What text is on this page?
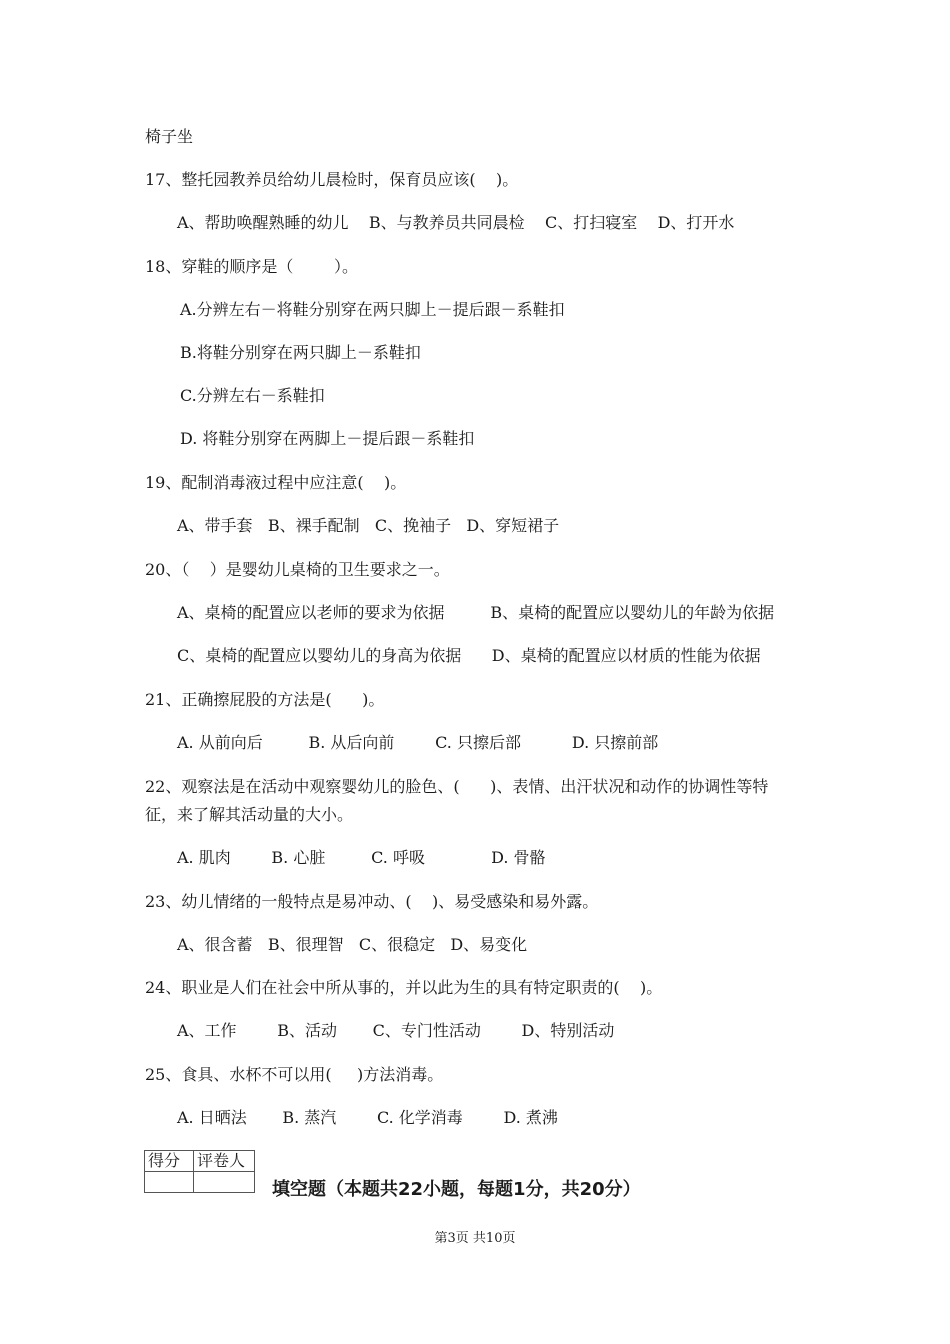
椅子坐
17、整托园教养员给幼儿晨检时，保育员应该(    )。
A、帮助唤醒熟睡的幼儿    B、与教养员共同晨检    C、打扫寝室    D、打开水
18、穿鞋的顺序是（        ）。
A.分辨左右－将鞋分别穿在两只脚上－提后跟－系鞋扣
B.将鞋分别穿在两只脚上－系鞋扣
C.分辨左右－系鞋扣
D. 将鞋分别穿在两脚上－提后跟－系鞋扣
19、配制消毒液过程中应注意(    )。
A、带手套   B、裸手配制   C、挽袖子   D、穿短裙子
20、（    ）是婴幼儿桌椅的卫生要求之一。
A、桌椅的配置应以老师的要求为依据         B、桌椅的配置应以婴幼儿的年龄为依据
C、桌椅的配置应以婴幼儿的身高为依据      D、桌椅的配置应以材质的性能为依据
21、正确擦屁股的方法是(      )。
A. 从前向后         B. 从后向前        C. 只擦后部          D. 只擦前部
22、观察法是在活动中观察婴幼儿的脸色、(      )、表情、出汗状况和动作的协调性等特
征，来了解其活动量的大小。
A. 肌肉        B. 心脏         C. 呼吸             D. 骨骼
23、幼儿情绪的一般特点是易冲动、(    )、易受感染和易外露。
A、很含蓄   B、很理智   C、很稳定   D、易变化
24、职业是人们在社会中所从事的，并以此为生的具有特定职责的(    )。
A、工作        B、活动       C、专门性活动        D、特别活动
25、食具、水杯不可以用(     )方法消毒。
A. 日晒法       B. 蒸汽        C. 化学消毒        D. 煮沸
得分	评卷人

填空题（本题共22小题，每题1分，共20分）
第3页 共10页
